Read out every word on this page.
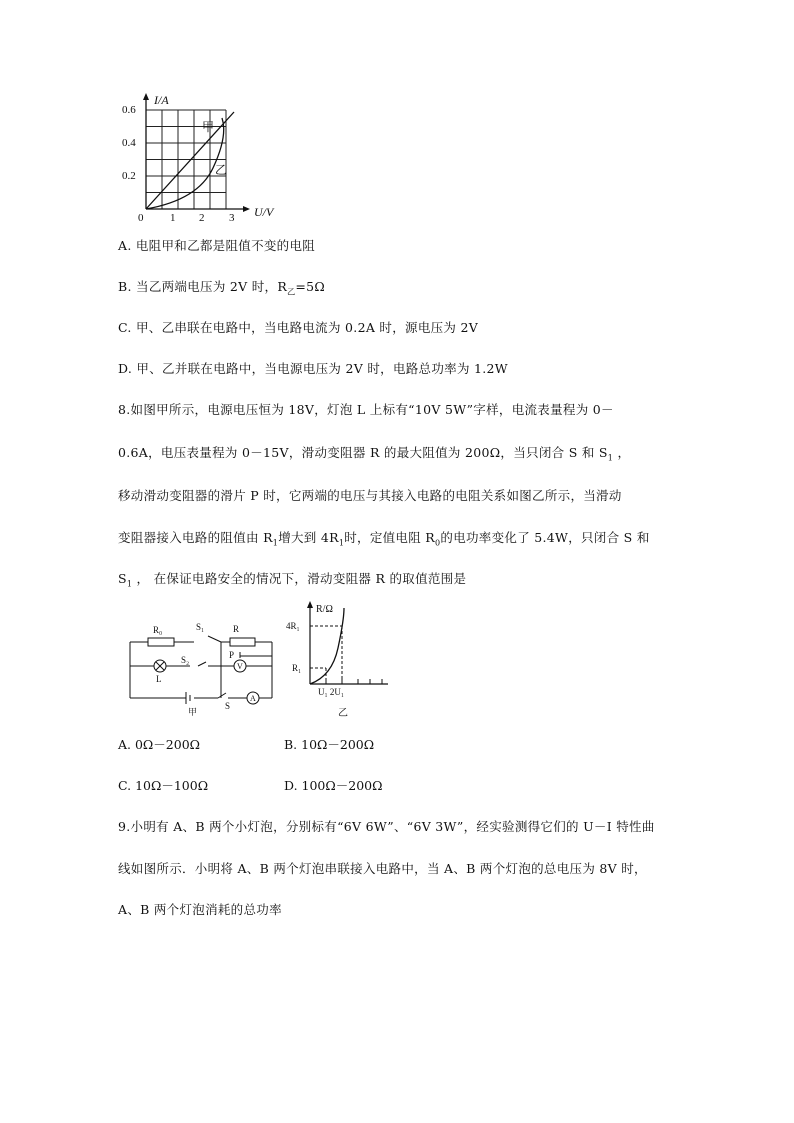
I/A
U/V
0.6
0.4
0.2
0 1 2 3
甲
乙
A. 电阻甲和乙都是阻值不变的电阻
B. 当乙两端电压为 2V 时，$R_乙=5\Omega$
C. 甲、乙串联在电路中，当电路电流为 0.2A 时，源电压为 2V
D. 甲、乙并联在电路中，当电源电压为 2V 时，电路总功率为 1.2W
8.如图甲所示，电源电压恒为 18V，灯泡 L 上标有“10V 5W”字样，电流表量程为 0－
0.6A，电压表量程为 0－15V，滑动变阻器 R 的最大阻值为 200Ω，当只闭合 S 和 $S_1$ ，
移动滑动变阻器的滑片 P 时，它两端的电压与其接入电路的电阻关系如图乙所示，当滑动
变阻器接入电路的阻值由 $R_1$增大到 $4R_1$时，定值电阻 $R_0$的电功率变化了 5.4W，只闭合 S 和
$S_1$ ， 在保证电路安全的情况下，滑动变阻器 R 的取值范围是
R₀	S₁	R
S₂	P
V
L
A
S
甲
R/Ω
4R₁
R₁
U₁ 2U₁
乙
A. 0Ω－200Ω	B. 10Ω－200Ω
C. 10Ω－100Ω	D. 100Ω－200Ω
9.小明有 A、B 两个小灯泡，分别标有“6V 6W”、“6V 3W”，经实验测得它们的 U－I 特性曲
线如图所示．小明将 A、B 两个灯泡串联接入电路中，当 A、B 两个灯泡的总电压为 8V 时，
A、B 两个灯泡消耗的总功率
